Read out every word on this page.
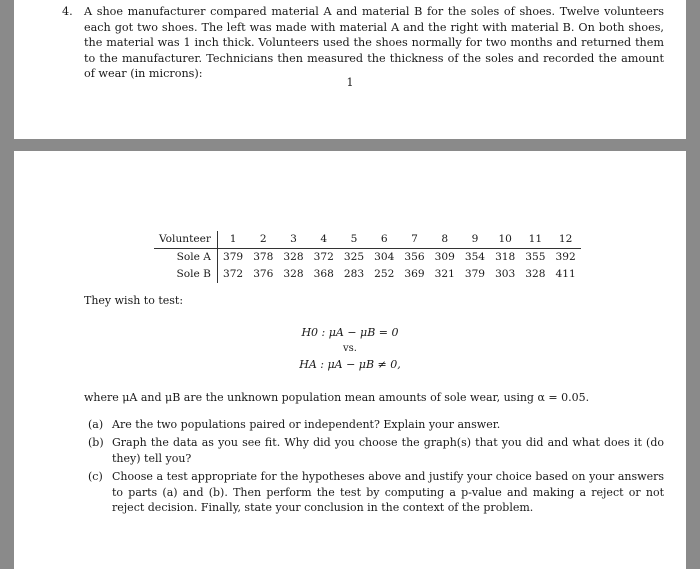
4. A shoe manufacturer compared material A and material B for the soles of shoes. Twelve volunteers each got two shoes. The left was made with material A and the right with material B. On both shoes, the material was 1 inch thick. Volunteers used the shoes normally for two months and returned them to the manufacturer. Technicians then measured the thickness of the soles and recorded the amount of wear (in microns):
1
Volunteer	1	2	3	4	5	6	7	8	9	10	11	12
Sole A	379	378	328	372	325	304	356	309	354	318	355	392
Sole B	372	376	328	368	283	252	369	321	379	303	328	411
They wish to test:
H0 : μA − μB = 0
vs.
HA : μA − μB ≠ 0,
where μA and μB are the unknown population mean amounts of sole wear, using α = 0.05.
(a) Are the two populations paired or independent? Explain your answer.
(b) Graph the data as you see fit. Why did you choose the graph(s) that you did and what does it (do they) tell you?
(c) Choose a test appropriate for the hypotheses above and justify your choice based on your answers to parts (a) and (b). Then perform the test by computing a p-value and making a reject or not reject decision. Finally, state your conclusion in the context of the problem.
